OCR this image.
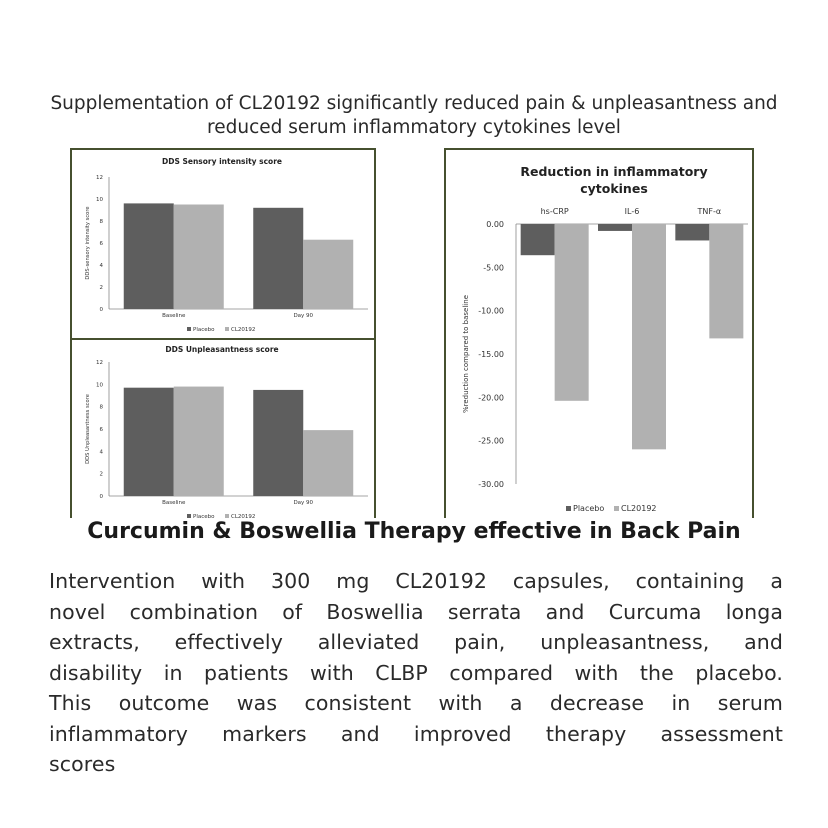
Supplementation of CL20192 significantly reduced pain & unpleasantness and
reduced serum inflammatory cytokines level
DDS Sensory intensity score
0
2
4
6
8
10
12
DDS-sensory intensity score
Baseline	Day 90
Placebo	CL20192
DDS Unpleasantness score
0
2
4
6
8
10
12
DDS Unpleasantness score
Baseline	Day 90
Placebo	CL20192
Reduction in inflammatory
cytokines
0.00
-5.00
-10.00
-15.00
-20.00
-25.00
-30.00
%reduction compared to baseline
hs-CRP	IL-6	TNF-α
Placebo CL20192
Curcumin & Boswellia Therapy effective in Back Pain
Intervention with 300 mg CL20192 capsules, containing a
novel combination of Boswellia serrata and Curcuma longa
extracts, effectively alleviated pain, unpleasantness, and
disability in patients with CLBP compared with the placebo.
This outcome was consistent with a decrease in serum
inflammatory markers and improved therapy assessment
scores
